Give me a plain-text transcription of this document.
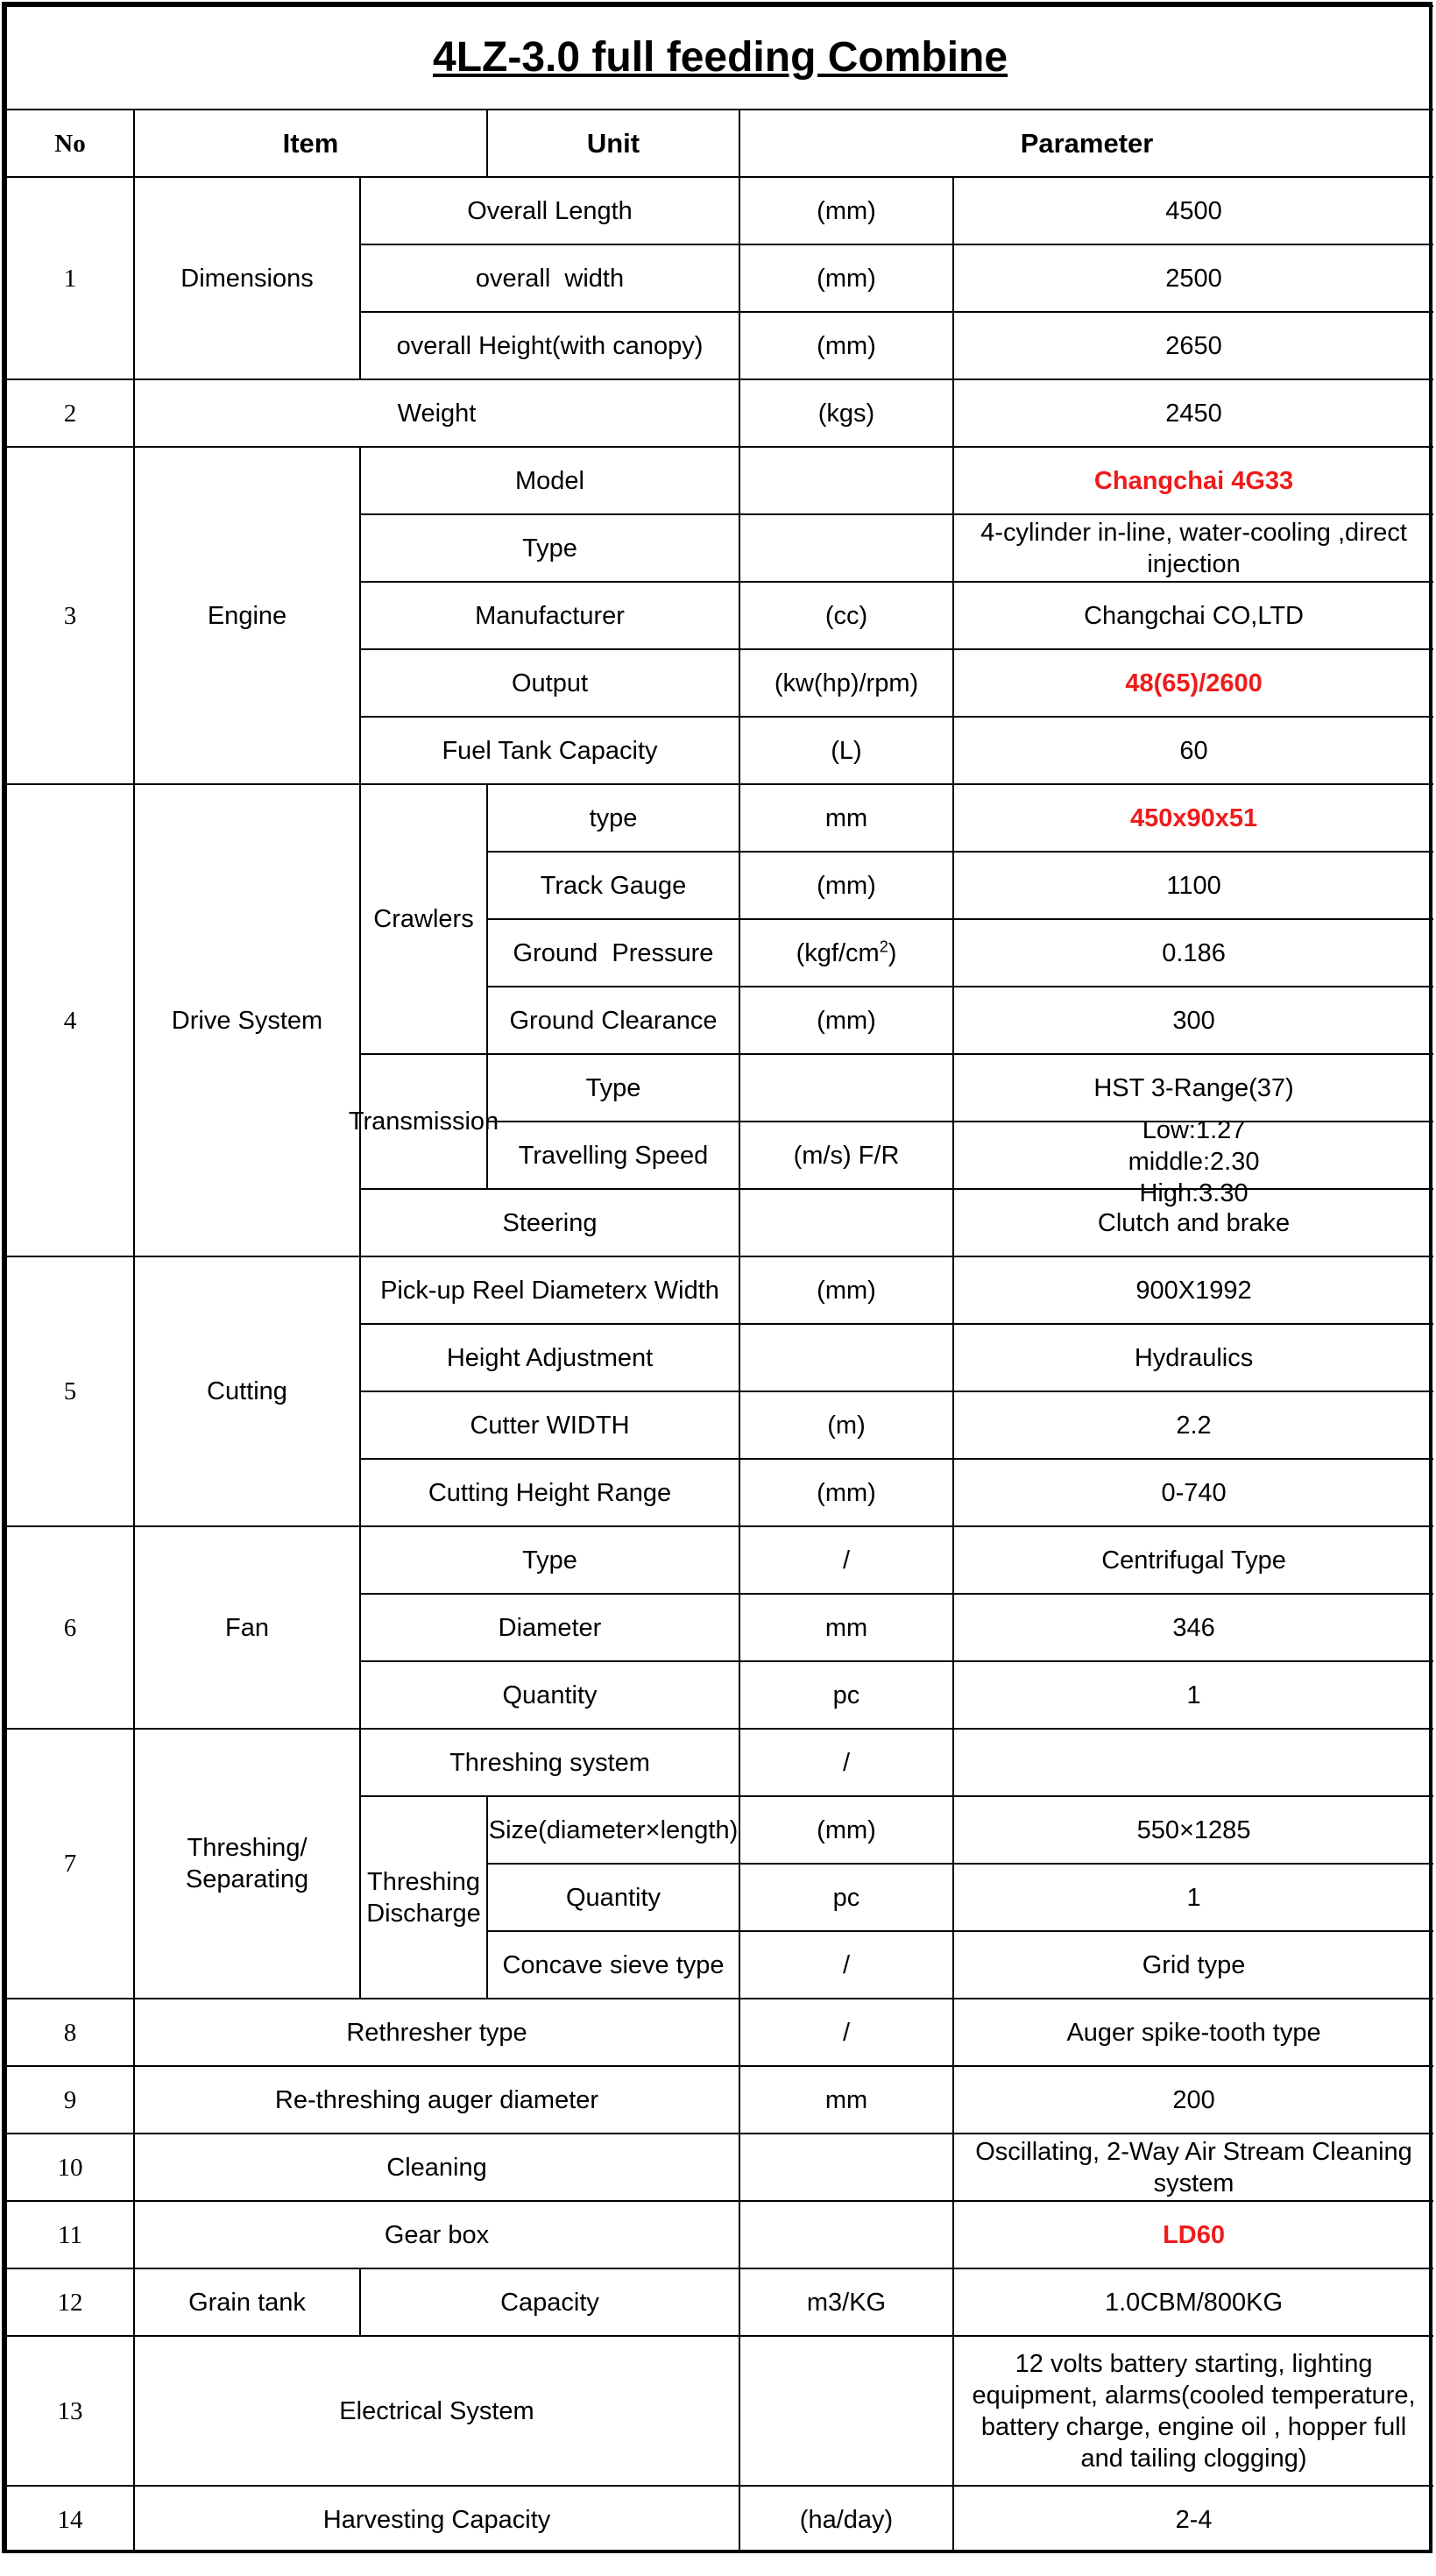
4LZ-3.0 full feeding Combine					
No	Item		Unit	Parameter	
1	Dimensions	Overall Length		(mm)	4500
		overall  width		(mm)	2500
		overall Height(with canopy)		(mm)	2650
2	Weight			(kgs)	2450
3	Engine	Model			Changchai 4G33
		Type			4-cylinder in-line, water-cooling ,direct injection
		Manufacturer		(cc)	Changchai CO,LTD
		Output		(kw(hp)/rpm)	48(65)/2600
		Fuel Tank Capacity		(L)	60
4	Drive System	Crawlers	type	mm	450x90x51
			Track Gauge	(mm)	1100
			Ground  Pressure	$(kgf/cm^2)$	0.186
			Ground Clearance	(mm)	300
		Transmission	Type		HST 3-Range(37)
			Travelling Speed	(m/s) F/R	Low:1.27
middle:2.30
High:3.30

		Steering			Clutch and brake
5	Cutting	Pick-up Reel Diameterx Width		(mm)	900X1992
		Height Adjustment			Hydraulics
		Cutter WIDTH		(m)	2.2
		Cutting Height Range		(mm)	0-740
6	Fan	Type		/	Centrifugal Type
		Diameter		mm	346
		Quantity		pc	1
7	Threshing/ Separating	Threshing system		/	
		Threshing Discharge	Size(diameter×length)	(mm)	550×1285
			Quantity	pc	1
			Concave sieve type	/	Grid type
8	Rethresher type			/	Auger spike-tooth type
9	Re-threshing auger diameter			mm	200
10	Cleaning				Oscillating, 2-Way Air Stream Cleaning system
11	Gear box				LD60
12	Grain tank	Capacity		m3/KG	1.0CBM/800KG
13	Electrical System				12 volts battery starting, lighting equipment, alarms(cooled temperature, battery charge, engine oil , hopper full and tailing clogging)
14	Harvesting Capacity			(ha/day)	2-4
